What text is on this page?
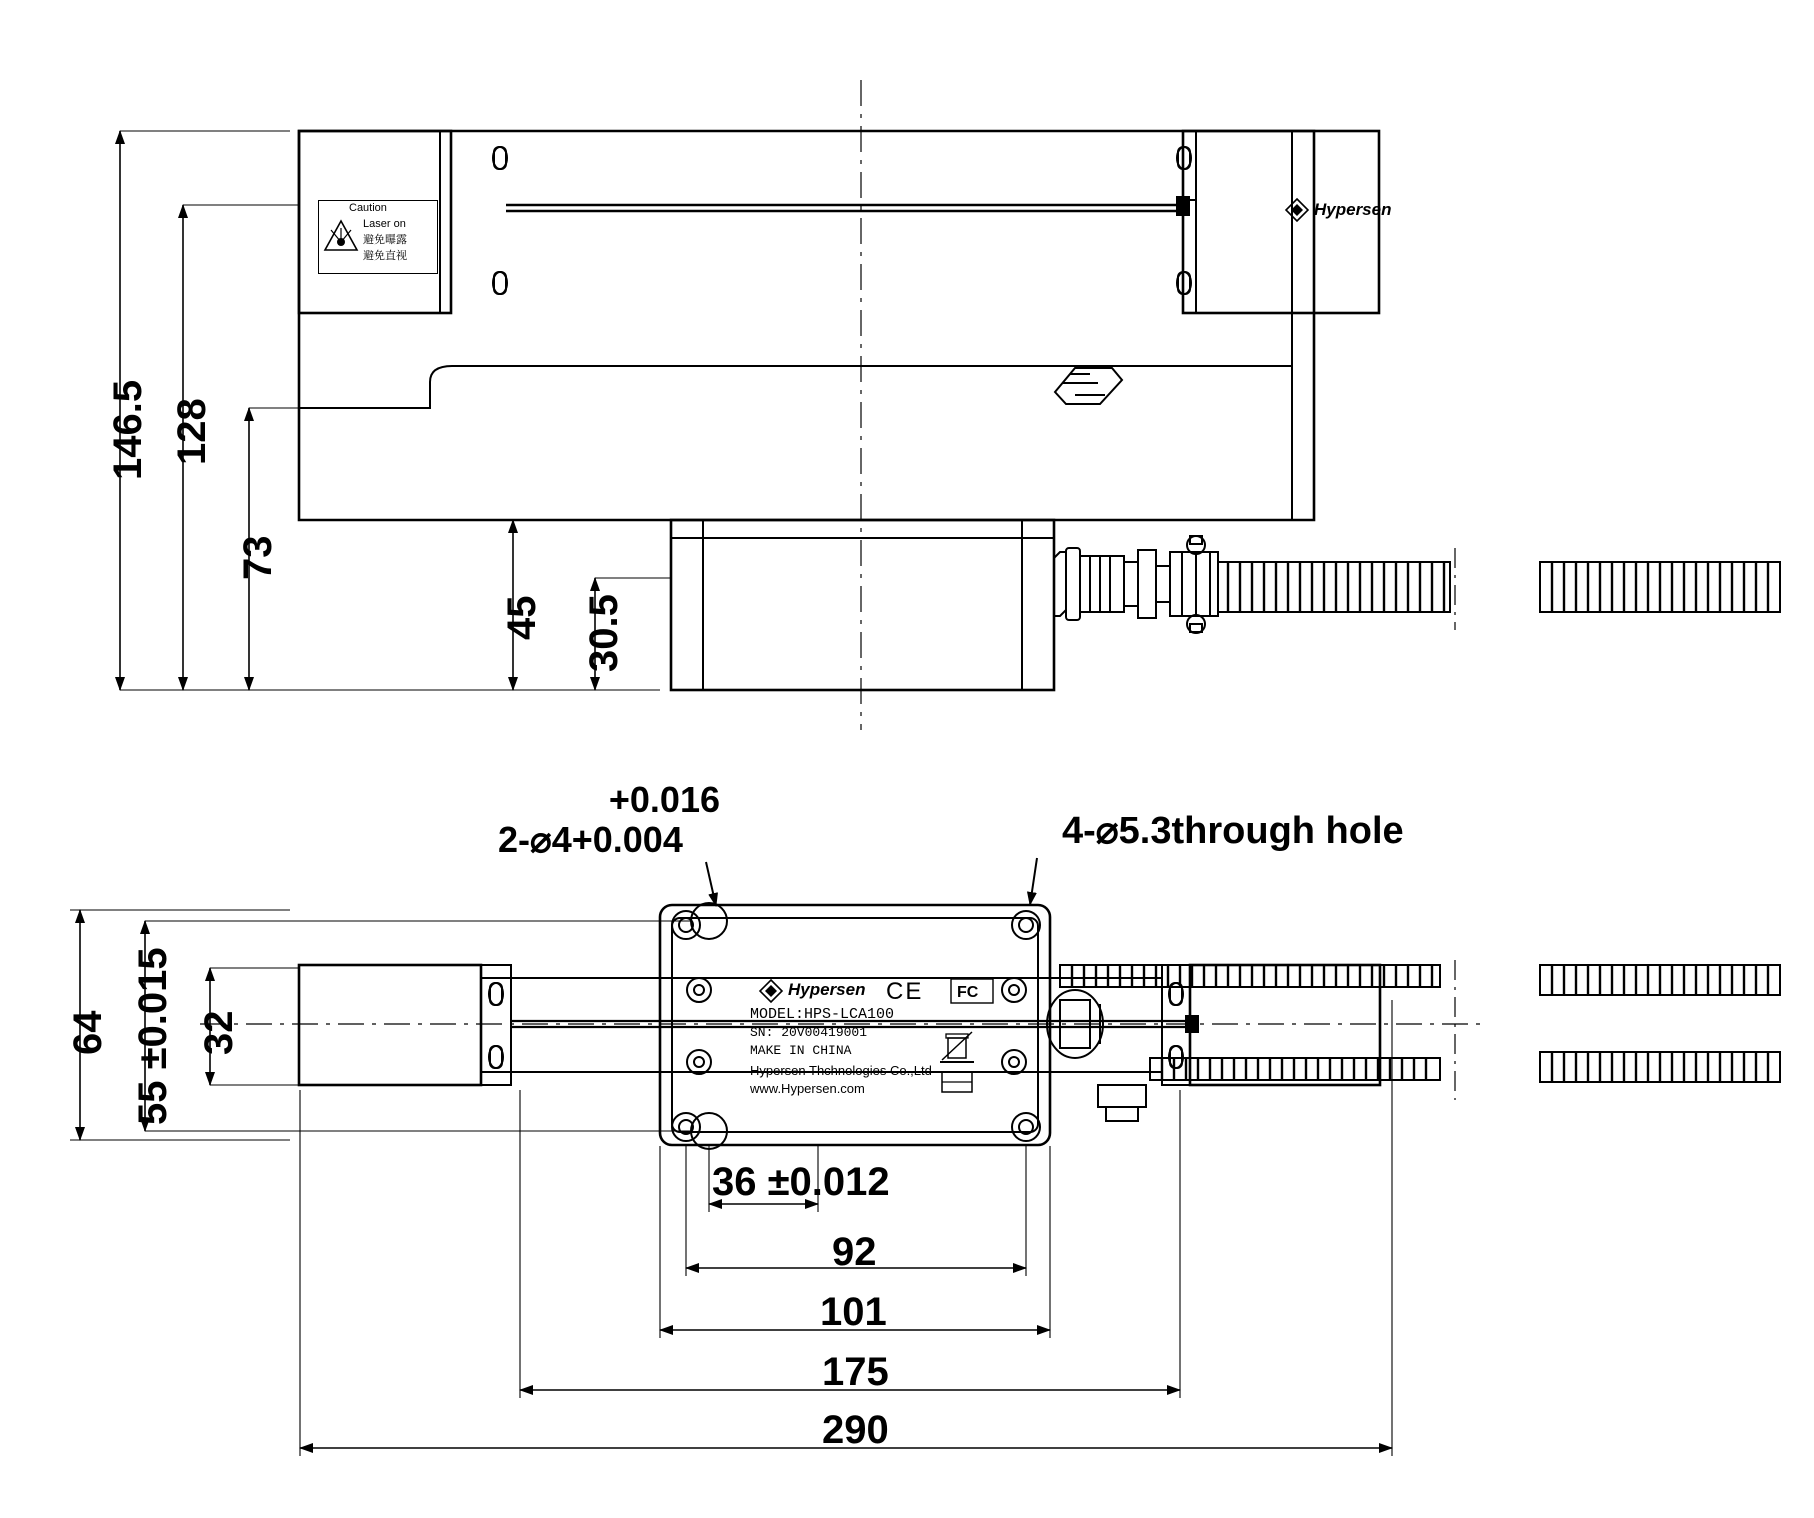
146.5 128
73
45 30.5
64 55 ±0.015 32
36 ±0.012
92
101
175
290
+0.016
2-⌀4+0.004	4-⌀5.3through hole
Caution
Laser on
避免曝露
避免直视
Hypersen
Hypersen CE FC
MODEL:HPS-LCA100
SN: 20V00419001
MAKE IN CHINA
Hypersen Thchnologies Co.,Ltd
www.Hypersen.com
